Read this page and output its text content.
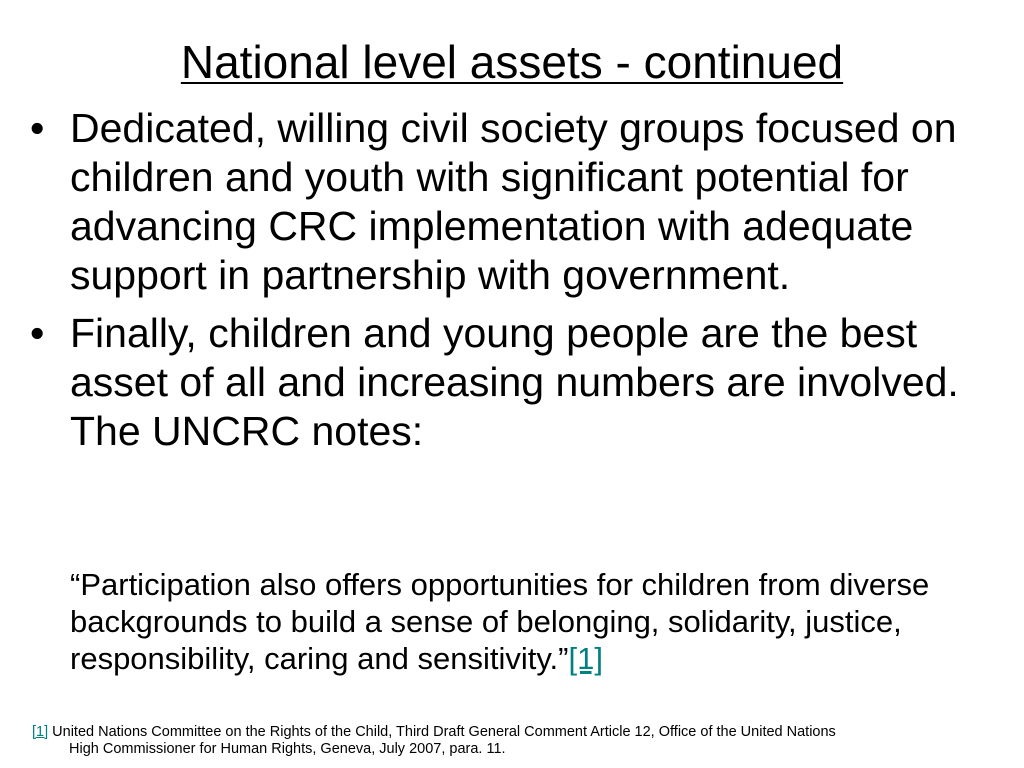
National level assets - continued
• Dedicated, willing civil society groups focused on children and youth with significant potential for advancing CRC implementation with adequate support in partnership with government.
• Finally, children and young people are the best asset of all and increasing numbers are involved. The UNCRC notes:

“Participation also offers opportunities for children from diverse backgrounds to build a sense of belonging, solidarity, justice, responsibility, caring and sensitivity.”[1]

[1] United Nations Committee on the Rights of the Child, Third Draft General Comment Article 12, Office of the United Nations
High Commissioner for Human Rights, Geneva, July 2007, para. 11.
